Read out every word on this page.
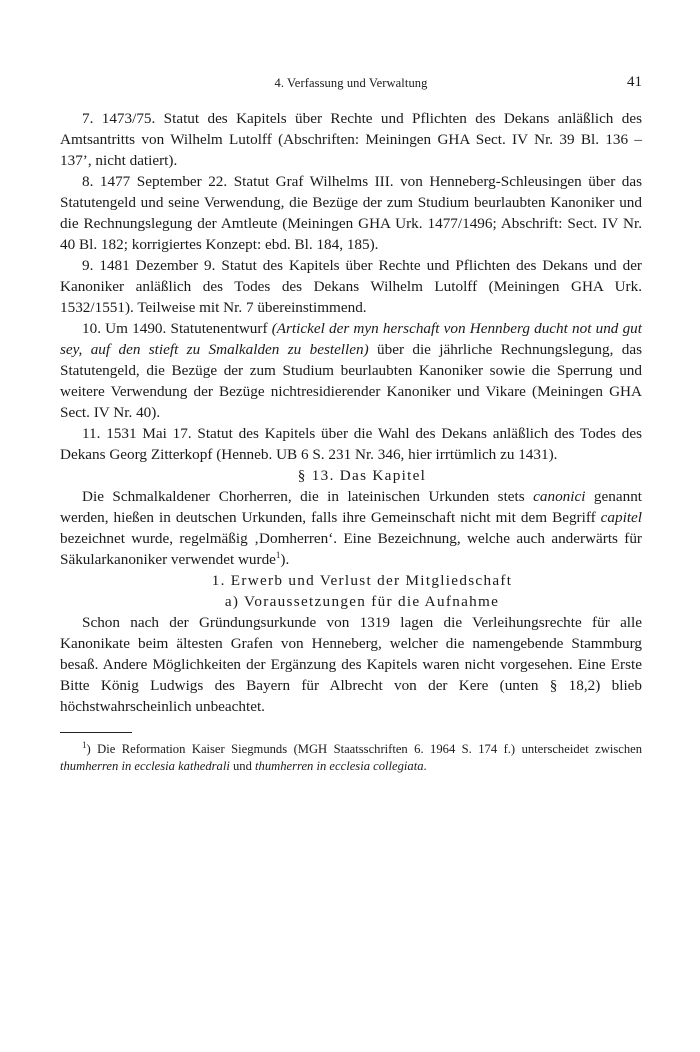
4. Verfassung und Verwaltung	41

7. 1473/75. Statut des Kapitels über Rechte und Pflichten des Dekans anläßlich des Amtsantritts von Wilhelm Lutolff (Abschriften: Meiningen GHA Sect. IV Nr. 39 Bl. 136 – 137’, nicht datiert).

8. 1477 September 22. Statut Graf Wilhelms III. von Henneberg-Schleusingen über das Statutengeld und seine Verwendung, die Bezüge der zum Studium beurlaubten Kanoniker und die Rechnungslegung der Amtleute (Meiningen GHA Urk. 1477/1496; Abschrift: Sect. IV Nr. 40 Bl. 182; korrigiertes Konzept: ebd. Bl. 184, 185).

9. 1481 Dezember 9. Statut des Kapitels über Rechte und Pflichten des Dekans und der Kanoniker anläßlich des Todes des Dekans Wilhelm Lutolff (Meiningen GHA Urk. 1532/1551). Teilweise mit Nr. 7 übereinstimmend.

10. Um 1490. Statutenentwurf (Artickel der myn herschaft von Hennberg ducht not und gut sey, auf den stieft zu Smalkalden zu bestellen) über die jährliche Rechnungslegung, das Statutengeld, die Bezüge der zum Studium beurlaubten Kanoniker sowie die Sperrung und weitere Verwendung der Bezüge nichtresidierender Kanoniker und Vikare (Meiningen GHA Sect. IV Nr. 40).

11. 1531 Mai 17. Statut des Kapitels über die Wahl des Dekans anläßlich des Todes des Dekans Georg Zitterkopf (Henneb. UB 6 S. 231 Nr. 346, hier irrtümlich zu 1431).

§ 13. Das Kapitel

Die Schmalkaldener Chorherren, die in lateinischen Urkunden stets canonici genannt werden, hießen in deutschen Urkunden, falls ihre Gemeinschaft nicht mit dem Begriff capitel bezeichnet wurde, regelmäßig ‚Domherren‘. Eine Bezeichnung, welche auch anderwärts für Säkularkanoniker verwendet wurde$^1$).

1. Erwerb und Verlust der Mitgliedschaft

a) Voraussetzungen für die Aufnahme

Schon nach der Gründungsurkunde von 1319 lagen die Verleihungsrechte für alle Kanonikate beim ältesten Grafen von Henneberg, welcher die namengebende Stammburg besaß. Andere Möglichkeiten der Ergänzung des Kapitels waren nicht vorgesehen. Eine Erste Bitte König Ludwigs des Bayern für Albrecht von der Kere (unten § 18,2) blieb höchstwahrscheinlich unbeachtet.

$^1$) Die Reformation Kaiser Siegmunds (MGH Staatsschriften 6. 1964 S. 174 f.) unterscheidet zwischen thumherren in ecclesia kathedrali und thumherren in ecclesia collegiata.
